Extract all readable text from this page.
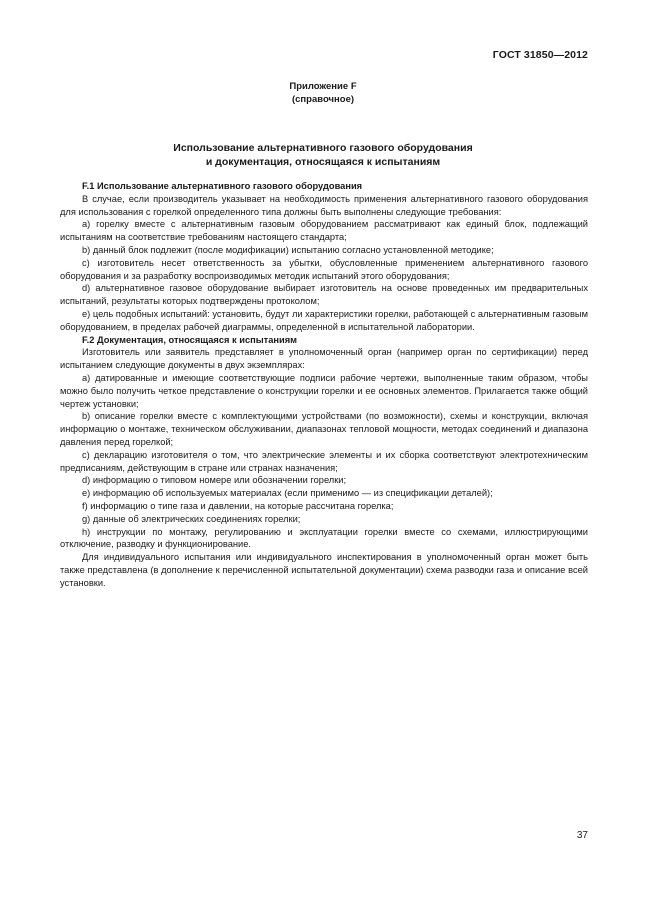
ГОСТ 31850—2012
Приложение F
(справочное)
Использование альтернативного газового оборудования
и документация, относящаяся к испытаниям

F.1 Использование альтернативного газового оборудования

В случае, если производитель указывает на необходимость применения альтернативного газового оборудования для использования с горелкой определенного типа должны быть выполнены следующие требования:

a) горелку вместе с альтернативным газовым оборудованием рассматривают как единый блок, подлежащий испытаниям на соответствие требованиям настоящего стандарта;

b) данный блок подлежит (после модификации) испытанию согласно установленной методике;

c) изготовитель несет ответственность за убытки, обусловленные применением альтернативного газового оборудования и за разработку воспроизводимых методик испытаний этого оборудования;

d) альтернативное газовое оборудование выбирает изготовитель на основе проведенных им предварительных испытаний, результаты которых подтверждены протоколом;

e) цель подобных испытаний: установить, будут ли характеристики горелки, работающей с альтернативным газовым оборудованием, в пределах рабочей диаграммы, определенной в испытательной лаборатории.

F.2 Документация, относящаяся к испытаниям

Изготовитель или заявитель представляет в уполномоченный орган (например орган по сертификации) перед испытанием следующие документы в двух экземплярах:

a) датированные и имеющие соответствующие подписи рабочие чертежи, выполненные таким образом, чтобы можно было получить четкое представление о конструкции горелки и ее основных элементов. Прилагается также общий чертеж установки;

b) описание горелки вместе с комплектующими устройствами (по возможности), схемы и конструкции, включая информацию о монтаже, техническом обслуживании, диапазонах тепловой мощности, методах соединений и диапазона давления перед горелкой;

c) декларацию изготовителя о том, что электрические элементы и их сборка соответствуют электротехническим предписаниям, действующим в стране или странах назначения;

d) информацию о типовом номере или обозначении горелки;

e) информацию об используемых материалах (если применимо — из спецификации деталей);

f) информацию о типе газа и давлении, на которые рассчитана горелка;

g) данные об электрических соединениях горелки;

h) инструкции по монтажу, регулированию и эксплуатации горелки вместе со схемами, иллюстрирующими отключение, разводку и функционирование.

Для индивидуального испытания или индивидуального инспектирования в уполномоченный орган может быть также представлена (в дополнение к перечисленной испытательной документации) схема разводки газа и описание всей установки.

37
